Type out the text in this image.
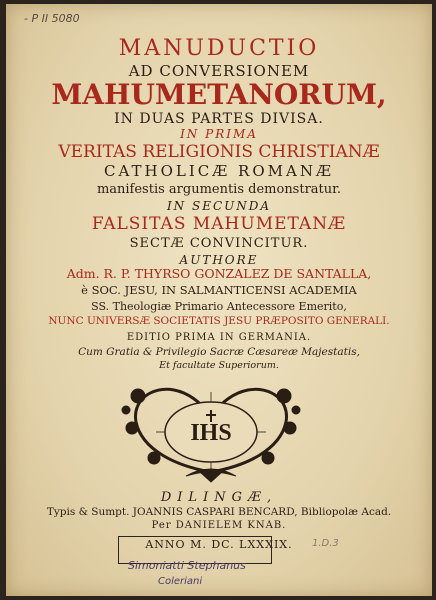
- P II 5080
MANUDUCTIO
AD CONVERSIONEM
MAHUMETANORUM,
IN DUAS PARTES DIVISA.
IN PRIMA
VERITAS RELIGIONIS CHRISTIANÆ
CATHOLICÆ ROMANÆ
manifestis argumentis demonstratur.
IN SECUNDA
FALSITAS MAHUMETANÆ
SECTÆ CONVINCITUR.
AUTHORE
Adm. R. P. THYRSO GONZALEZ DE SANTALLA,
è SOC. JESU, IN SALMANTICENSI ACADEMIA
SS. Theologiæ Primario Antecessore Emerito,
NUNC UNIVERSÆ SOCIETATIS JESU PRÆPOSITO GENERALI.
EDITIO PRIMA IN GERMANIA.
Cum Gratia & Privilegio Sacræ Cæsareæ Majestatis,
Et facultate Superiorum.
IHS
DILINGÆ,
Typis & Sumpt. JOANNIS CASPARI BENCARD, Bibliopolæ Acad.
Per DANIELEM KNAB.
ANNO M. DC. LXXXIX.
Simoniatti Stephanus
Coleriani
1.D.3
